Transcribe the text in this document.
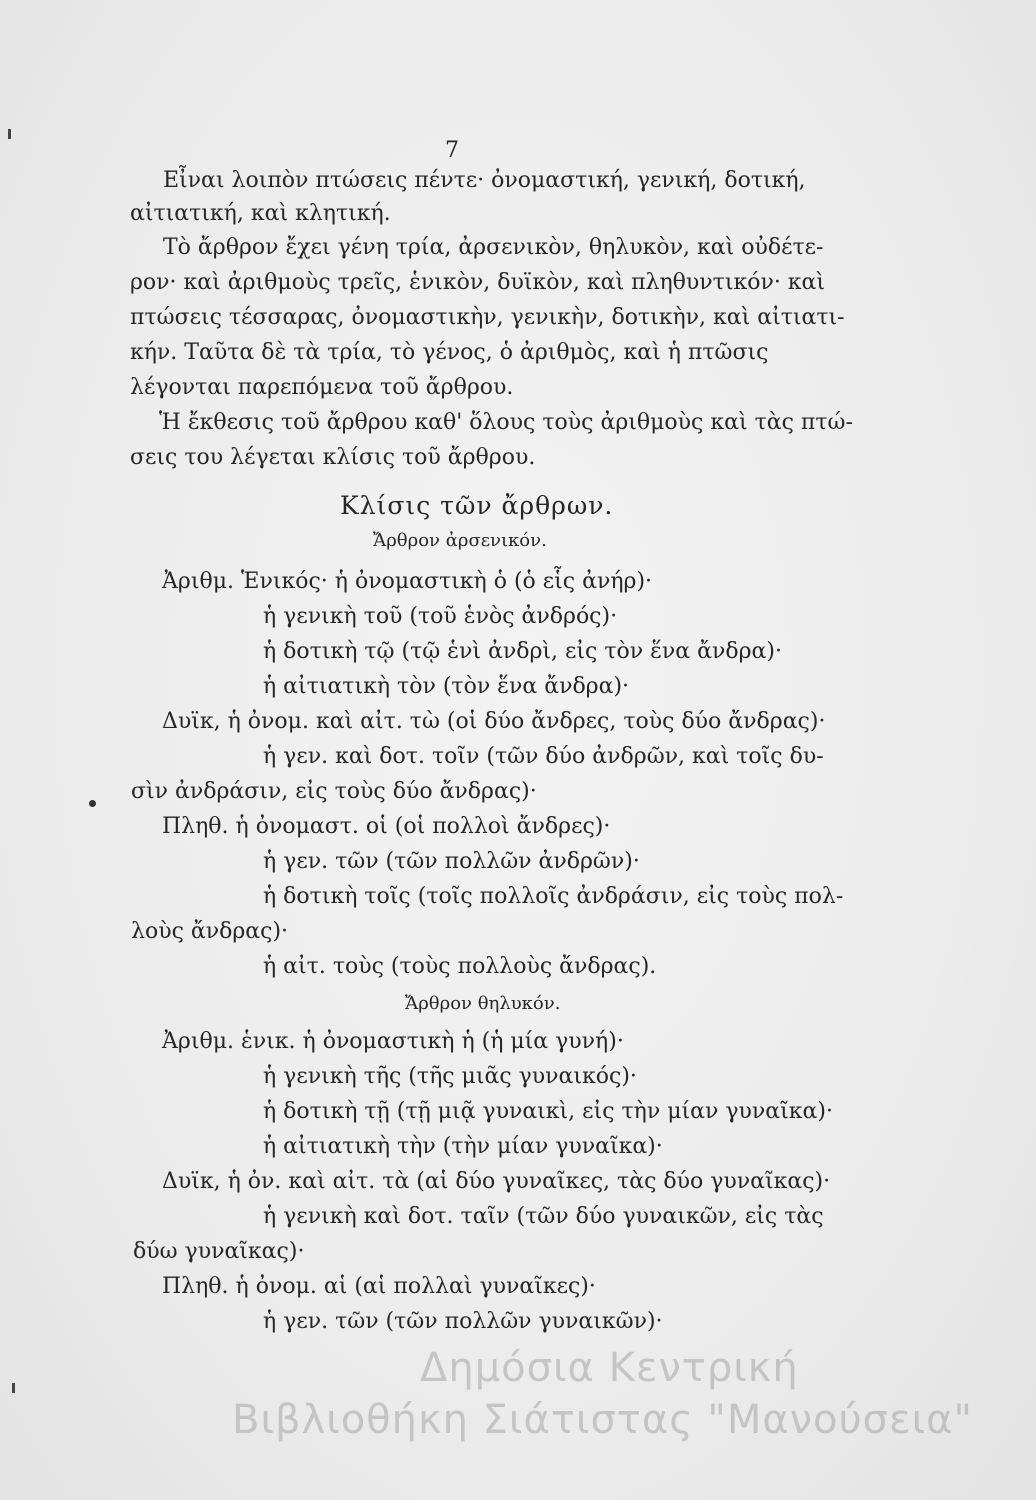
7
Εἶναι λοιπὸν πτώσεις πέντε· ὀνομαστική, γενική, δοτική,
αἰτιατική, καὶ κλητική.
Τὸ ἄρθρον ἔχει γένη τρία, ἀρσενικὸν, θηλυκὸν, καὶ οὐδέτε-
ρον· καὶ ἀριθμοὺς τρεῖς, ἑνικὸν, δυϊκὸν, καὶ πληθυντικόν· καὶ
πτώσεις τέσσαρας, ὀνομαστικὴν, γενικὴν, δοτικὴν, καὶ αἰτιατι-
κήν. Ταῦτα δὲ τὰ τρία, τὸ γένος, ὁ ἀριθμὸς, καὶ ἡ πτῶσις
λέγονται παρεπόμενα τοῦ ἄρθρου.
Ἡ ἔκθεσις τοῦ ἄρθρου καθ' ὅλους τοὺς ἀριθμοὺς καὶ τὰς πτώ-
σεις του λέγεται κλίσις τοῦ ἄρθρου.
Κλίσις τῶν ἄρθρων.
Ἄρθρον ἀρσενικόν.
Ἀριθμ. Ἑνικός· ἡ ὀνομαστικὴ ὁ (ὁ εἷς ἀνήρ)·
ἡ γενικὴ τοῦ (τοῦ ἑνὸς ἀνδρός)·
ἡ δοτικὴ τῷ (τῷ ἑνὶ ἀνδρὶ, εἰς τὸν ἕνα ἄνδρα)·
ἡ αἰτιατικὴ τὸν (τὸν ἕνα ἄνδρα)·
Δυϊκ, ἡ ὀνομ. καὶ αἰτ. τὼ (οἱ δύο ἄνδρες, τοὺς δύο ἄνδρας)·
ἡ γεν. καὶ δοτ. τοῖν (τῶν δύο ἀνδρῶν, καὶ τοῖς δυ-
σὶν ἀνδράσιν, εἰς τοὺς δύο ἄνδρας)·
Πληθ. ἡ ὀνομαστ. οἱ (οἱ πολλοὶ ἄνδρες)·
ἡ γεν. τῶν (τῶν πολλῶν ἀνδρῶν)·
ἡ δοτικὴ τοῖς (τοῖς πολλοῖς ἀνδράσιν, εἰς τοὺς πολ-
λοὺς ἄνδρας)·
ἡ αἰτ. τοὺς (τοὺς πολλοὺς ἄνδρας).
Ἄρθρον θηλυκόν.
Ἀριθμ. ἑνικ. ἡ ὀνομαστικὴ ἡ (ἡ μία γυνή)·
ἡ γενικὴ τῆς (τῆς μιᾶς γυναικός)·
ἡ δοτικὴ τῇ (τῇ μιᾷ γυναικὶ, εἰς τὴν μίαν γυναῖκα)·
ἡ αἰτιατικὴ τὴν (τὴν μίαν γυναῖκα)·
Δυϊκ, ἡ ὀν. καὶ αἰτ. τὰ (αἱ δύο γυναῖκες, τὰς δύο γυναῖκας)·
ἡ γενικὴ καὶ δοτ. ταῖν (τῶν δύο γυναικῶν, εἰς τὰς
δύω γυναῖκας)·
Πληθ. ἡ ὀνομ. αἱ (αἱ πολλαὶ γυναῖκες)·
ἡ γεν. τῶν (τῶν πολλῶν γυναικῶν)·
Δημόσια Κεντρική
Βιβλιοθήκη Σιάτιστας "Μανούσεια"
